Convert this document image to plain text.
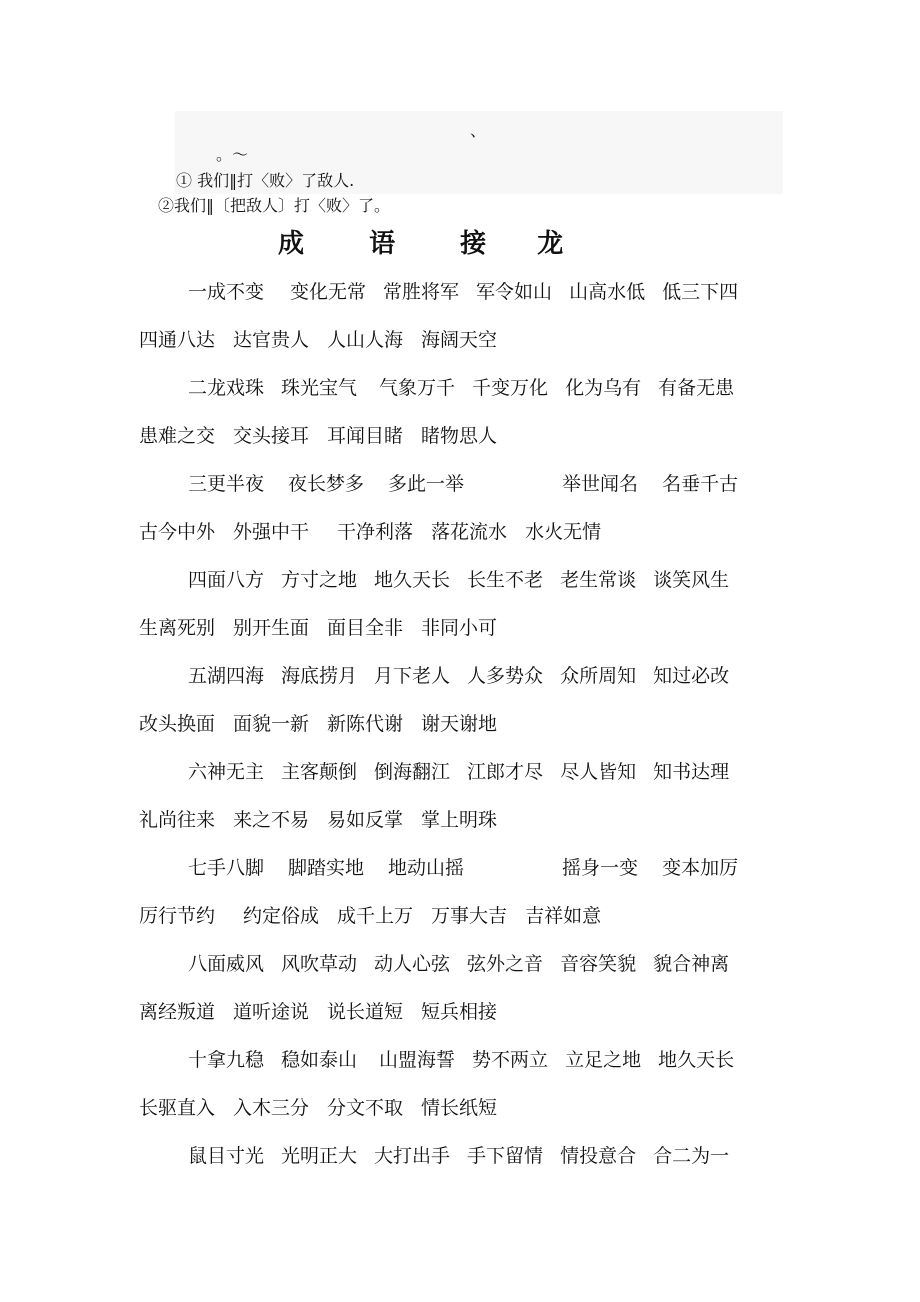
、
。～
① 我们‖打〈败〉了敌人.
②我们‖〔把敌人〕打〈败〉了。
成 语 接 龙
一成不变 变化无常 常胜将军 军令如山 山高水低 低三下四
四通八达 达官贵人 人山人海 海阔天空
二龙戏珠 珠光宝气 气象万千 千变万化 化为乌有 有备无患
患难之交 交头接耳 耳闻目睹 睹物思人
三更半夜 夜长梦多 多此一举	举世闻名 名垂千古
古今中外 外强中干 干净利落 落花流水 水火无情
四面八方 方寸之地 地久天长 长生不老 老生常谈 谈笑风生
生离死别 别开生面 面目全非 非同小可
五湖四海 海底捞月 月下老人 人多势众 众所周知 知过必改
改头换面 面貌一新 新陈代谢 谢天谢地
六神无主 主客颠倒 倒海翻江 江郎才尽 尽人皆知 知书达理
礼尚往来 来之不易 易如反掌 掌上明珠
七手八脚 脚踏实地 地动山摇	摇身一变 变本加厉
厉行节约 约定俗成 成千上万 万事大吉 吉祥如意
八面威风 风吹草动 动人心弦 弦外之音 音容笑貌 貌合神离
离经叛道 道听途说 说长道短 短兵相接
十拿九稳 稳如泰山 山盟海誓 势不两立 立足之地 地久天长
长驱直入 入木三分 分文不取 情长纸短
鼠目寸光 光明正大 大打出手 手下留情 情投意合 合二为一
